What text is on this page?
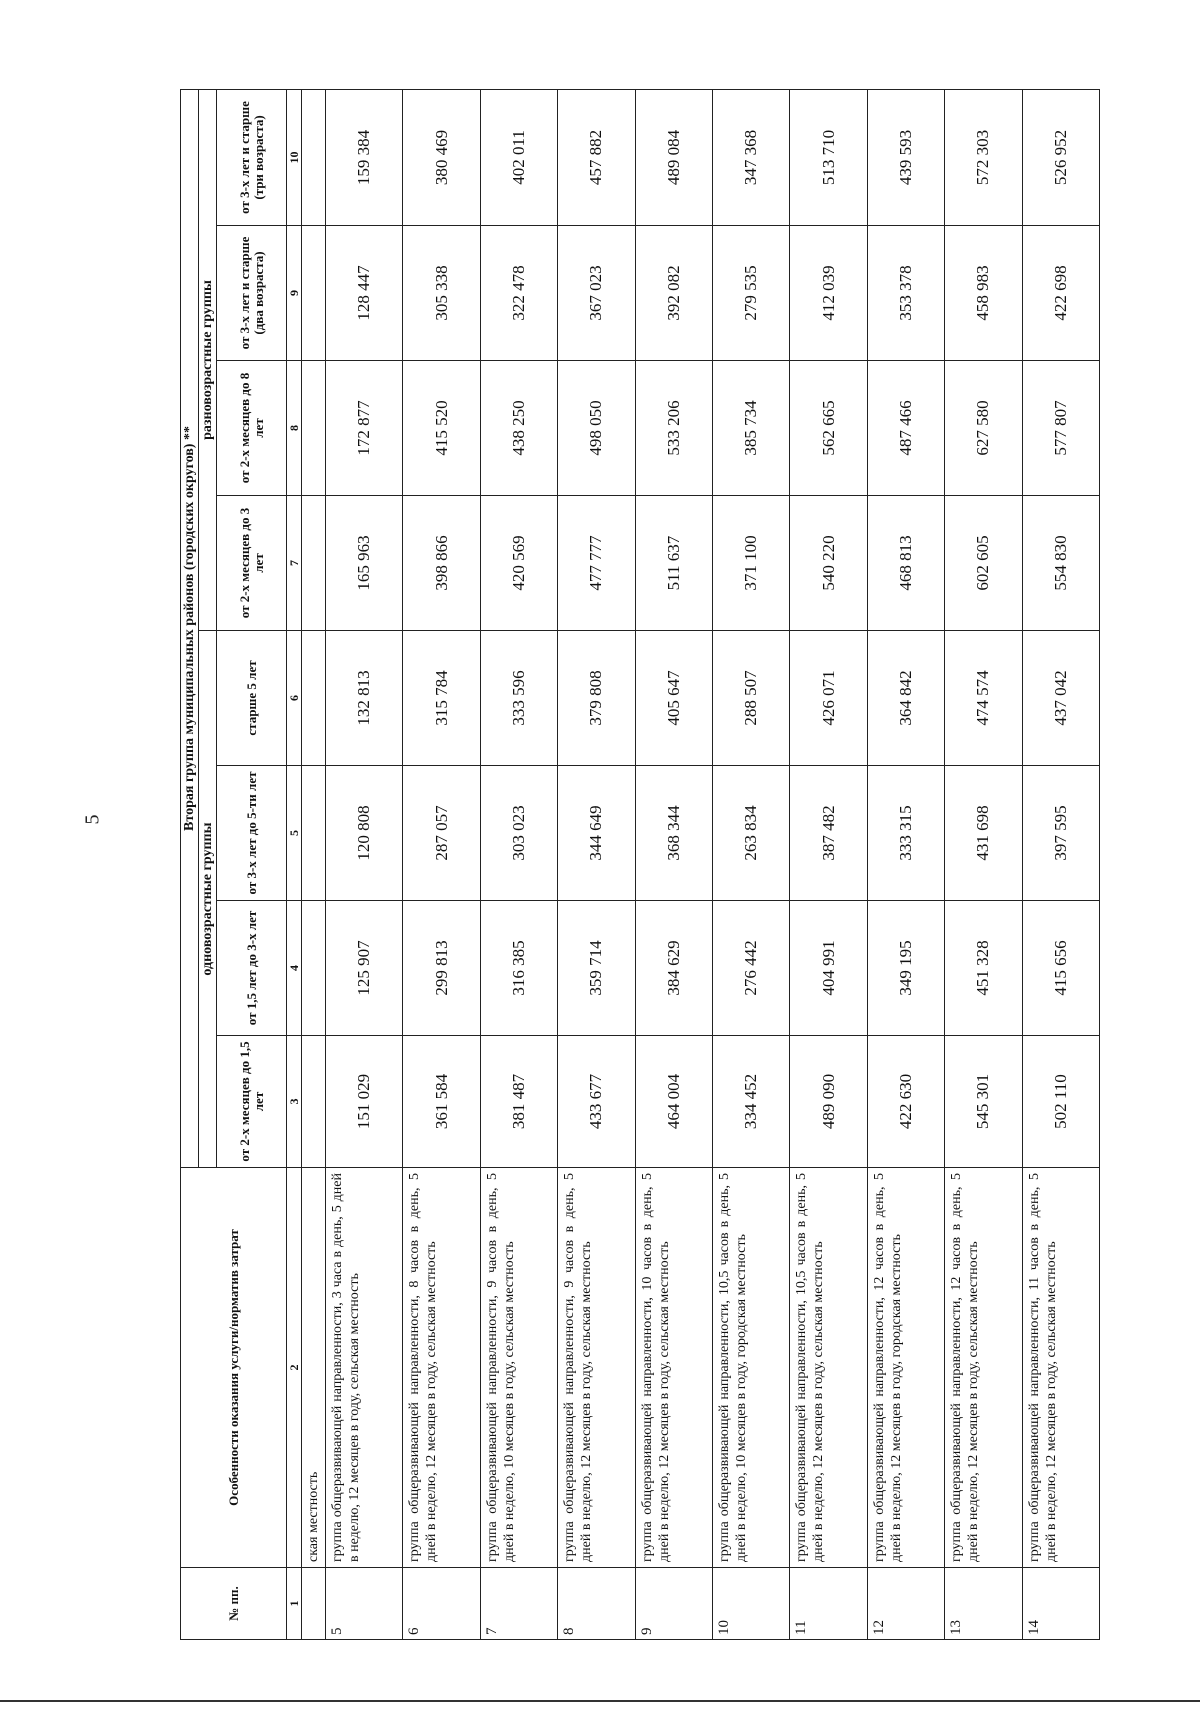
5
№ пп.	Особенности оказания услуги/норматив затрат	Вторая группа муниципальных районов (городских округов) **							
		одновозрастные группы				разновозрастные группы			
		от 2-х месяцев до 1,5 лет	от 1,5 лет до 3-х лет	от 3-х лет до 5-ти лет	старше 5 лет	от 2-х месяцев до 3 лет	от 2-х месяцев до 8 лет	от 3-х лет и старше (два возраста)	от 3-х лет и старше (три возраста)
1	2	3	4	5	6	7	8	9	10
	ская местность								
5	группа общеразвивающей направленности, 3 часа в день, 5 дней в неделю, 12 месяцев в году, сельская местность	151 029	125 907	120 808	132 813	165 963	172 877	128 447	159 384
6	группа общеразвивающей направленности, 8 часов в день, 5 дней в неделю, 12 месяцев в году, сельская местность	361 584	299 813	287 057	315 784	398 866	415 520	305 338	380 469
7	группа общеразвивающей направленности, 9 часов в день, 5 дней в неделю, 10 месяцев в году, сельская местность	381 487	316 385	303 023	333 596	420 569	438 250	322 478	402 011
8	группа общеразвивающей направленности, 9 часов в день, 5 дней в неделю, 12 месяцев в году, сельская местность	433 677	359 714	344 649	379 808	477 777	498 050	367 023	457 882
9	группа общеразвивающей направленности, 10 часов в день, 5 дней в неделю, 12 месяцев в году, сельская местность	464 004	384 629	368 344	405 647	511 637	533 206	392 082	489 084
10	группа общеразвивающей направленности, 10,5 часов в день, 5 дней в неделю, 10 месяцев в году, городская местность	334 452	276 442	263 834	288 507	371 100	385 734	279 535	347 368
11	группа общеразвивающей направленности, 10,5 часов в день, 5 дней в неделю, 12 месяцев в году, сельская местность	489 090	404 991	387 482	426 071	540 220	562 665	412 039	513 710
12	группа общеразвивающей направленности, 12 часов в день, 5 дней в неделю, 12 месяцев в году, городская местность	422 630	349 195	333 315	364 842	468 813	487 466	353 378	439 593
13	группа общеразвивающей направленности, 12 часов в день, 5 дней в неделю, 12 месяцев в году, сельская местность	545 301	451 328	431 698	474 574	602 605	627 580	458 983	572 303
14	группа общеразвивающей направленности, 11 часов в день, 5 дней в неделю, 12 месяцев в году, сельская местность	502 110	415 656	397 595	437 042	554 830	577 807	422 698	526 952
